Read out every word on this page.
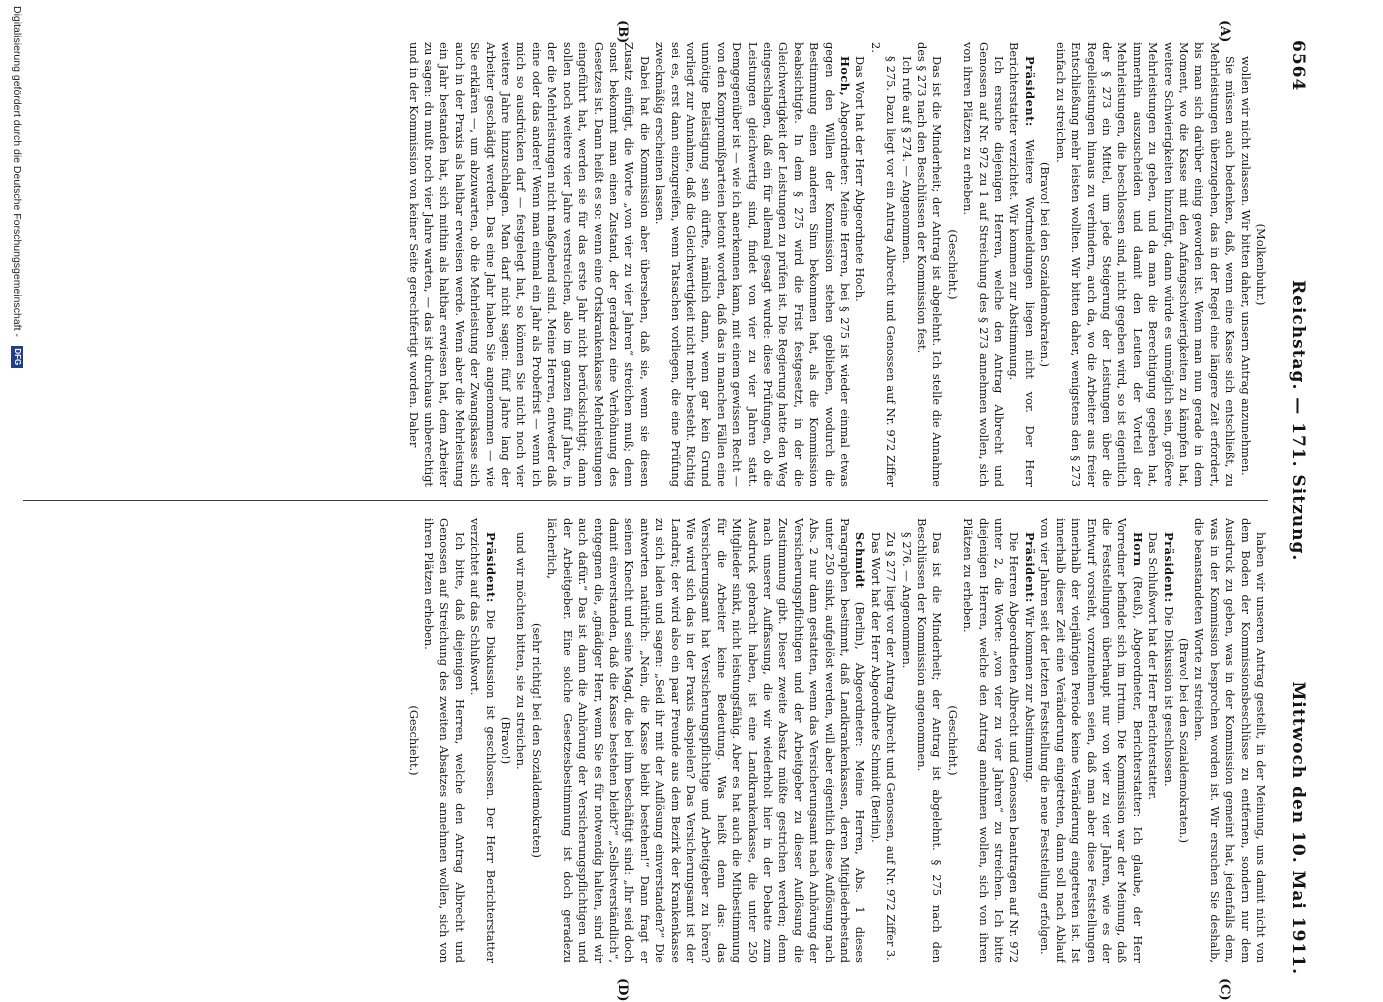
6564
Reichstag. — 171. Sitzung.
Mittwoch den 10. Mai 1911.
(A)
(B)
(C)
(D)

(Molkenbuhr.)

wollen wir nicht zulassen. Wir bitten daher, unsern Antrag anzunehmen.

Sie müssen auch bedenken, daß, wenn eine Kasse sich entschließt, zu Mehrleistungen überzugehen, das in der Regel eine längere Zeit erfordert, bis man sich darüber einig geworden ist. Wenn man nun gerade in dem Moment, wo die Kasse mit den Anfangsschwierigkeiten zu kämpfen hat, weitere Schwierigkeiten hinzufügt, dann würde es unmöglich sein, größere Mehrleistungen zu geben, und da man die Berechtigung gegeben hat, immerhin auszuscheiden und damit den Leuten der Vorteil der Mehrleistungen, die beschlossen sind, nicht gegeben wird, so ist eigentlich der § 273 ein Mittel, um jede Steigerung der Leistungen über die Regelleistungen hinaus zu verhindern, auch da, wo die Arbeiter aus freier Entschließung mehr leisten wollten. Wir bitten daher, wenigstens den § 273 einfach zu streichen.

(Bravo! bei den Sozialdemokraten.)

Präsident: Weitere Wortmeldungen liegen nicht vor. Der Herr Berichterstatter verzichtet. Wir kommen zur Abstimmung.

Ich ersuche diejenigen Herren, welche den Antrag Albrecht und Genossen auf Nr. 972 zu 1 auf Streichung des § 273 annehmen wollen, sich von ihren Plätzen zu erheben.

(Geschieht.)

Das ist die Minderheit; der Antrag ist abgelehnt. Ich stelle die Annahme des § 273 nach den Beschlüssen der Kommission fest.

Ich rufe auf § 274. — Angenommen.

§ 275. Dazu liegt vor ein Antrag Albrecht und Genossen auf Nr. 972 Ziffer 2.

Das Wort hat der Herr Abgeordnete Hoch.

Hoch, Abgeordneter: Meine Herren, bei § 275 ist wieder einmal etwas gegen den Willen der Kommission stehen geblieben, wodurch die Bestimmung einen anderen Sinn bekommen hat, als die Kommission beabsichtigte. In dem § 275 wird die Frist festgesetzt, in der die Gleichwertigkeit der Leistungen zu prüfen ist. Die Regierung hatte den Weg eingeschlagen, daß ein für allemal gesagt wurde: diese Prüfungen, ob die Leistungen gleichwertig sind, findet von vier zu vier Jahren statt. Demgegenüber ist — wie ich anerkennen kann, mit einem gewissen Recht — von den Kompromißparteien betont worden, daß das in manchen Fällen eine unnötige Belästigung sein dürfte, nämlich dann, wenn gar kein Grund vorliegt zur Annahme, daß die Gleichwertigkeit nicht mehr besteht. Richtig sei es, erst dann einzugreifen, wenn Tatsachen vorliegen, die eine Prüfung zweckmäßig erscheinen lassen.

Dabei hat die Kommission aber übersehen, daß sie, wenn sie diesen Zusatz einfügt, die Worte „von vier zu vier Jahren“ streichen muß; denn sonst bekommt man einen Zustand, der geradezu eine Verhöhnung des Gesetzes ist. Dann heißt es so: wenn eine Ortskrankenkasse Mehrleistungen eingeführt hat, werden sie für das erste Jahr nicht berücksichtigt; dann sollen noch weitere vier Jahre verstreichen, also im ganzen fünf Jahre, in der die Mehrleistungen nicht maßgebend sind. Meine Herren, entweder daß eine oder das andere! Wenn man einmal ein Jahr als Probefrist — wenn ich mich so ausdrücken darf — festgelegt hat, so können Sie nicht noch vier weitere Jahre hinzuschlagen. Man darf nicht sagen: fünf Jahre lang der Arbeiter geschädigt werden. Das eine Jahr haben Sie angenommen — wie Sie erklären —, um abzuwarten, ob die Mehrleistung der Zwangskasse sich auch in der Praxis als haltbar erweisen werde. Wenn aber die Mehrleistung ein Jahr bestanden hat, sich mithin als haltbar erwiesen hat, dem Arbeiter zu sagen: du mußt noch vier Jahre warten, — das ist durchaus unberechtigt und in der Kommission von keiner Seite gerechtfertigt worden. Daher

haben wir unseren Antrag gestellt, in der Meinung, uns damit nicht von dem Boden der Kommissionsbeschlüsse zu entfernen, sondern nur dem Ausdruck zu geben, was in der Kommission gemeint hat, jedenfalls dem, was in der Kommission besprochen worden ist. Wir ersuchen Sie deshalb, die beanstandeten Worte zu streichen.

(Bravo! bei den Sozialdemokraten.)

Präsident: Die Diskussion ist geschlossen.

Das Schlußwort hat der Herr Berichterstatter.

Horn (Reuß), Abgeordneter, Berichterstatter: Ich glaube, der Herr Vorredner befindet sich im Irrtum. Die Kommission war der Meinung, daß die Feststellungen überhaupt nur von vier zu vier Jahren, wie es der Entwurf vorsieht, vorzunehmen seien, daß man aber diese Feststellungen innerhalb der vierjährigen Periode keine Veränderung eingetreten ist. Ist innerhalb dieser Zeit eine Veränderung eingetreten, dann soll nach Ablauf von vier Jahren seit der letzten Feststellung die neue Feststellung erfolgen.

Präsident: Wir kommen zur Abstimmung.

Die Herren Abgeordneten Albrecht und Genossen beantragen auf Nr. 972 unter 2, die Worte: „von vier zu vier Jahren“ zu streichen. Ich bitte diejenigen Herren, welche den Antrag annehmen wollen, sich von ihren Plätzen zu erheben.

(Geschieht.)

Das ist die Minderheit; der Antrag ist abgelehnt. § 275 nach den Beschlüssen der Kommission angenommen.

§ 276. — Angenommen.

Zu § 277 liegt vor der Antrag Albrecht und Genossen, auf Nr. 972 Ziffer 3.

Das Wort hat der Herr Abgeordnete Schmidt (Berlin).

Schmidt (Berlin), Abgeordneter: Meine Herren, Abs. 1 dieses Paragraphen bestimmt, daß Landkrankenkassen, deren Mitgliederbestand unter 250 sinkt, aufgelöst werden, will aber eigentlich diese Auflösung nach Abs. 2 nur dann gestatten, wenn das Versicherungsamt nach Anhörung der Versicherungspflichtigen und der Arbeitgeber zu dieser Auflösung die Zustimmung gibt. Dieser zweite Absatz müßte gestrichen werden; denn nach unserer Auffassung, die wir wiederholt hier in der Debatte zum Ausdruck gebracht haben, ist eine Landkrankenkasse, die unter 250 Mitglieder sinkt, nicht leistungsfähig. Aber es hat auch die Mitbestimmung für die Arbeiter keine Bedeutung. Was heißt denn das: das Versicherungsamt hat Versicherungspflichtige und Arbeitgeber zu hören? Wie wird sich das in der Praxis abspielen? Das Versicherungsamt ist der Landrat; der wird also ein paar Freunde aus dem Bezirk der Krankenkasse zu sich laden und sagen: „Seid ihr mit der Auflösung einverstanden?“ Die antworten natürlich: „Nein, die Kasse bleibt bestehen!“ Dann fragt er seinen Knecht und seine Magd, die bei ihm beschäftigt sind: „Ihr seid doch damit einverstanden, daß die Kasse bestehen bleibt?“ „Selbstverständlich“, entgegnen die, „gnädiger Herr, wenn Sie es für notwendig halten, sind wir auch dafür.“ Das ist dann die Anhörung der Versicherungspflichtigen und der Arbeitgeber. Eine solche Gesetzesbestimmung ist doch geradezu lächerlich,

(sehr richtig! bei den Sozialdemokraten)

und wir möchten bitten, sie zu streichen.

(Bravo!)

Präsident: Die Diskussion ist geschlossen. Der Herr Berichterstatter verzichtet auf das Schlußwort.

Ich bitte, daß diejenigen Herren, welche den Antrag Albrecht und Genossen auf Streichung des zweiten Absatzes annehmen wollen, sich von ihren Plätzen erheben.

(Geschieht.)

Digitalisierung gefördert durch die Deutsche Forschungsgemeinschaft - DFG
